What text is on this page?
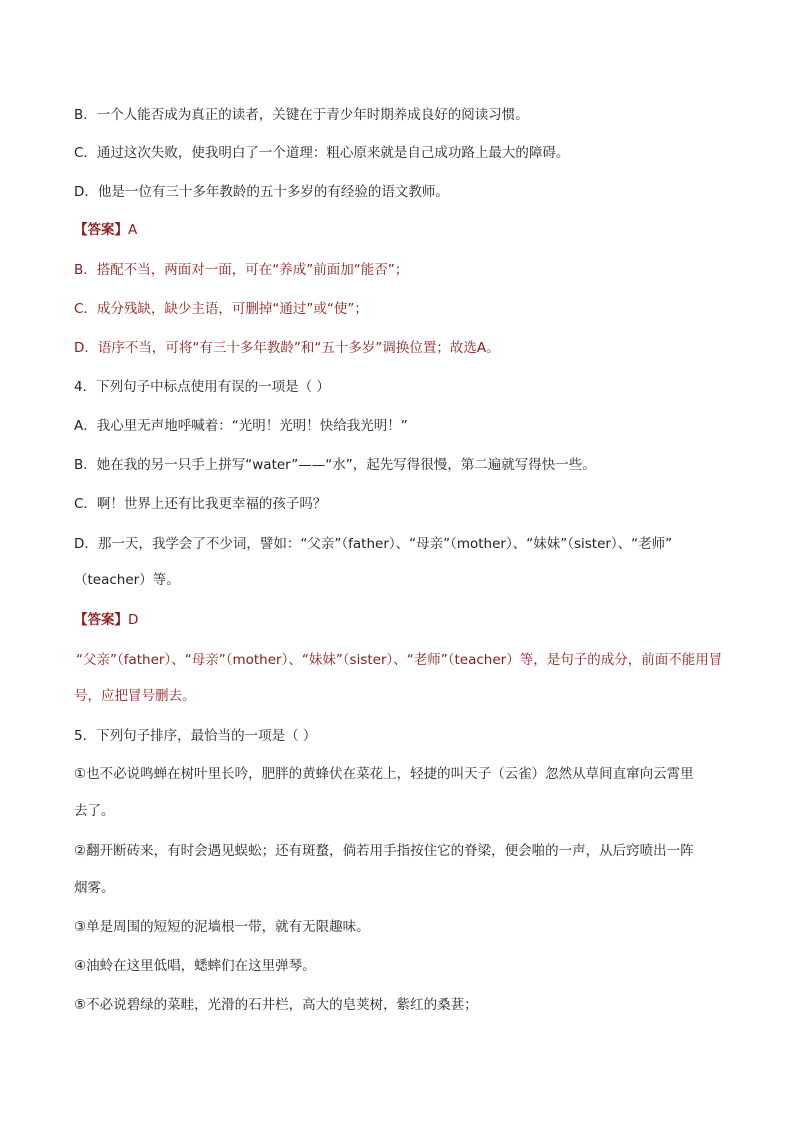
B．一个人能否成为真正的读者，关键在于青少年时期养成良好的阅读习惯。
C．通过这次失败，使我明白了一个道理：粗心原来就是自己成功路上最大的障碍。
D．他是一位有三十多年教龄的五十多岁的有经验的语文教师。
【答案】A
B．搭配不当，两面对一面，可在“养成”前面加“能否”；
C．成分残缺，缺少主语，可删掉“通过”或“使”；
D．语序不当，可将“有三十多年教龄”和“五十多岁”调换位置；故选A。
4．下列句子中标点使用有误的一项是（ ）
A．我心里无声地呼喊着：“光明！光明！快给我光明！”
B．她在我的另一只手上拼写“water”——“水”，起先写得很慢，第二遍就写得快一些。
C．啊！世界上还有比我更幸福的孩子吗？
D．那一天，我学会了不少词，譬如：“父亲”（father）、“母亲”（mother）、“妹妹”（sister）、“老师”
（teacher）等。
【答案】D
“父亲”（father）、“母亲”（mother）、“妹妹”（sister）、“老师”（teacher）等，是句子的成分，前面不能用冒
号，应把冒号删去。
5．下列句子排序，最恰当的一项是（ ）
①也不必说鸣蝉在树叶里长吟，肥胖的黄蜂伏在菜花上，轻捷的叫天子（云雀）忽然从草间直窜向云霄里
去了。
②翻开断砖来，有时会遇见蜈蚣；还有斑蝥，倘若用手指按住它的脊梁，便会啪的一声，从后窍喷出一阵
烟雾。
③单是周围的短短的泥墙根一带，就有无限趣味。
④油蛉在这里低唱，蟋蟀们在这里弹琴。
⑤不必说碧绿的菜畦，光滑的石井栏，高大的皂荚树，紫红的桑葚；
